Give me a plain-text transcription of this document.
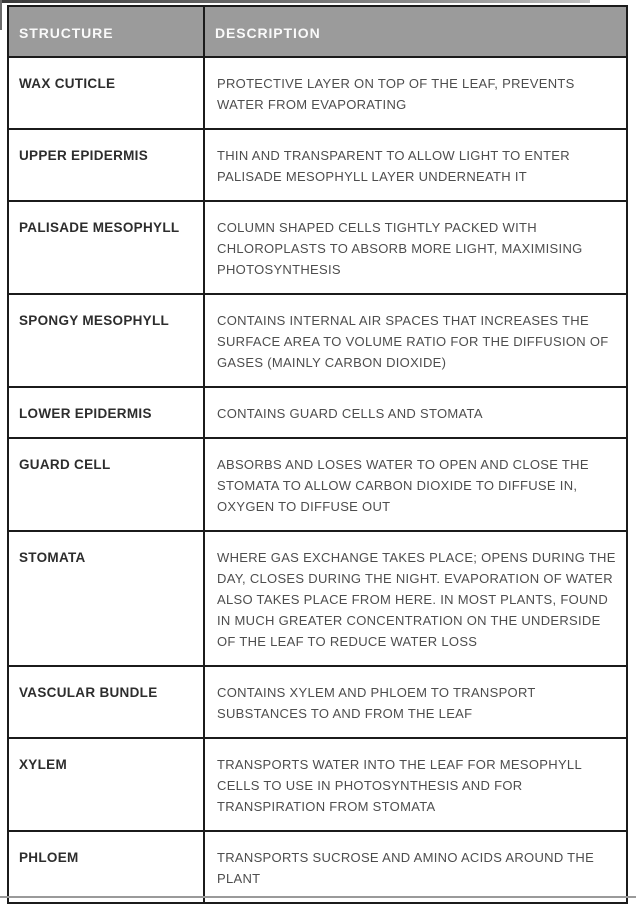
STRUCTURE	DESCRIPTION
WAX CUTICLE	PROTECTIVE LAYER ON TOP OF THE LEAF, PREVENTS WATER FROM EVAPORATING
UPPER EPIDERMIS	THIN AND TRANSPARENT TO ALLOW LIGHT TO ENTER PALISADE MESOPHYLL LAYER UNDERNEATH IT
PALISADE MESOPHYLL	COLUMN SHAPED CELLS TIGHTLY PACKED WITH CHLOROPLASTS TO ABSORB MORE LIGHT, MAXIMISING PHOTOSYNTHESIS
SPONGY MESOPHYLL	CONTAINS INTERNAL AIR SPACES THAT INCREASES THE SURFACE AREA TO VOLUME RATIO FOR THE DIFFUSION OF GASES (MAINLY CARBON DIOXIDE)
LOWER EPIDERMIS	CONTAINS GUARD CELLS AND STOMATA
GUARD CELL	ABSORBS AND LOSES WATER TO OPEN AND CLOSE THE STOMATA TO ALLOW CARBON DIOXIDE TO DIFFUSE IN, OXYGEN TO DIFFUSE OUT
STOMATA	WHERE GAS EXCHANGE TAKES PLACE; OPENS DURING THE DAY, CLOSES DURING THE NIGHT. EVAPORATION OF WATER ALSO TAKES PLACE FROM HERE. IN MOST PLANTS, FOUND IN MUCH GREATER CONCENTRATION ON THE UNDERSIDE OF THE LEAF TO REDUCE WATER LOSS
VASCULAR BUNDLE	CONTAINS XYLEM AND PHLOEM TO TRANSPORT SUBSTANCES TO AND FROM THE LEAF
XYLEM	TRANSPORTS WATER INTO THE LEAF FOR MESOPHYLL CELLS TO USE IN PHOTOSYNTHESIS AND FOR TRANSPIRATION FROM STOMATA
PHLOEM	TRANSPORTS SUCROSE AND AMINO ACIDS AROUND THE PLANT
